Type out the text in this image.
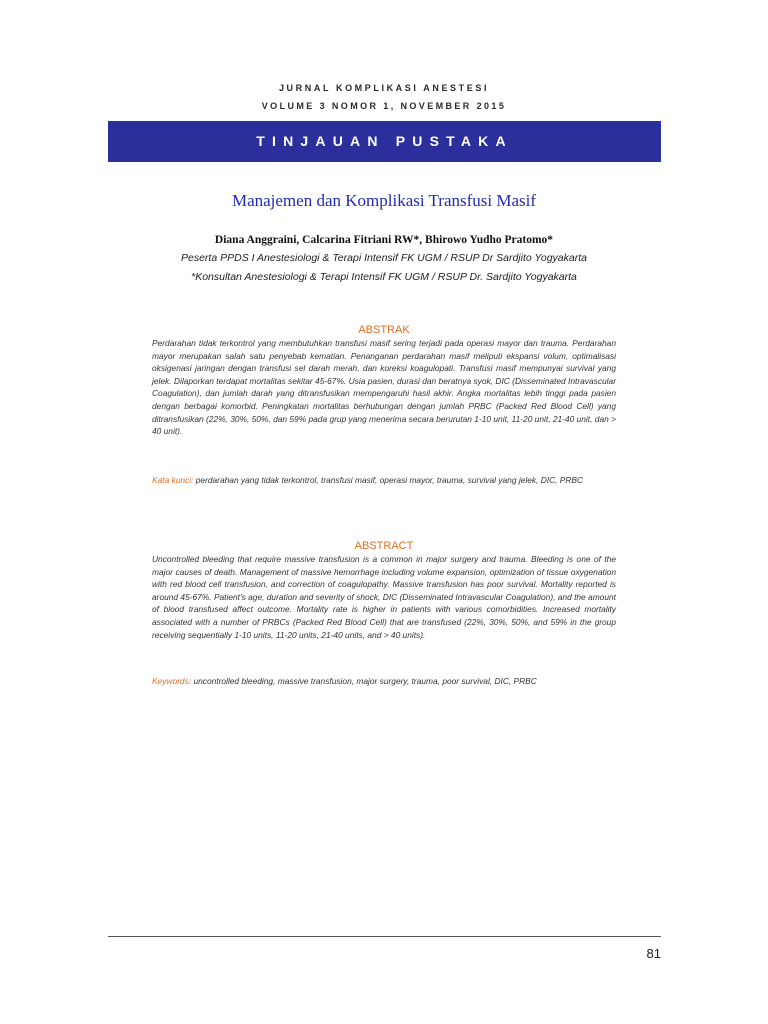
JURNAL KOMPLIKASI ANESTESI
VOLUME 3 NOMOR 1, NOVEMBER 2015
TINJAUAN PUSTAKA
Manajemen dan Komplikasi Transfusi Masif
Diana Anggraini, Calcarina Fitriani RW*, Bhirowo Yudho Pratomo*
Peserta PPDS I Anestesiologi & Terapi Intensif FK UGM / RSUP Dr Sardjito Yogyakarta
*Konsultan Anestesiologi & Terapi Intensif FK UGM / RSUP Dr. Sardjito Yogyakarta
ABSTRAK
Perdarahan tidak terkontrol yang membutuhkan transfusi masif sering terjadi pada operasi mayor dan trauma. Perdarahan mayor merupakan salah satu penyebab kematian. Penanganan perdarahan masif meliputi ekspansi volum, optimalisasi oksigenasi jaringan dengan transfusi sel darah merah, dan koreksi koagulopati. Transfusi masif mempunyai survival yang jelek. Dilaporkan terdapat mortalitas sekitar 45-67%. Usia pasien, durasi dan beratnya syok, DIC (Disseminated Intravascular Coagulation), dan jumlah darah yang ditransfusikan mempengaruhi hasil akhir. Angka mortalitas lebih tinggi pada pasien dengan berbagai komorbid. Peningkatan mortalitas berhubungan dengan jumlah PRBC (Packed Red Blood Cell) yang ditransfusikan (22%, 30%, 50%, dan 59% pada grup yang menerima secara berurutan 1-10 unit, 11-20 unit, 21-40 unit, dan > 40 unit).
Kata kunci: perdarahan yang tidak terkontrol, transfusi masif, operasi mayor, trauma, survival yang jelek, DIC, PRBC
ABSTRACT
Uncontrolled bleeding that require massive transfusion is a common in major surgery and trauma. Bleeding is one of the major causes of death. Management of massive hemorrhage including volume expansion, optimization of tissue oxygenation with red blood cell transfusion, and correction of coagulopathy. Massive transfusion has poor survival. Mortality reported is around 45-67%. Patient's age, duration and severity of shock, DIC (Disseminated Intravascular Coagulation), and the amount of blood transfused affect outcome. Mortality rate is higher in patients with various comorbidities. Increased mortality associated with a number of PRBCs (Packed Red Blood Cell) that are transfused (22%, 30%, 50%, and 59% in the group receiving sequentially 1-10 units, 11-20 units, 21-40 units, and > 40 units).
Keywords: uncontrolled bleeding, massive transfusion, major surgery, trauma, poor survival, DIC, PRBC
81
